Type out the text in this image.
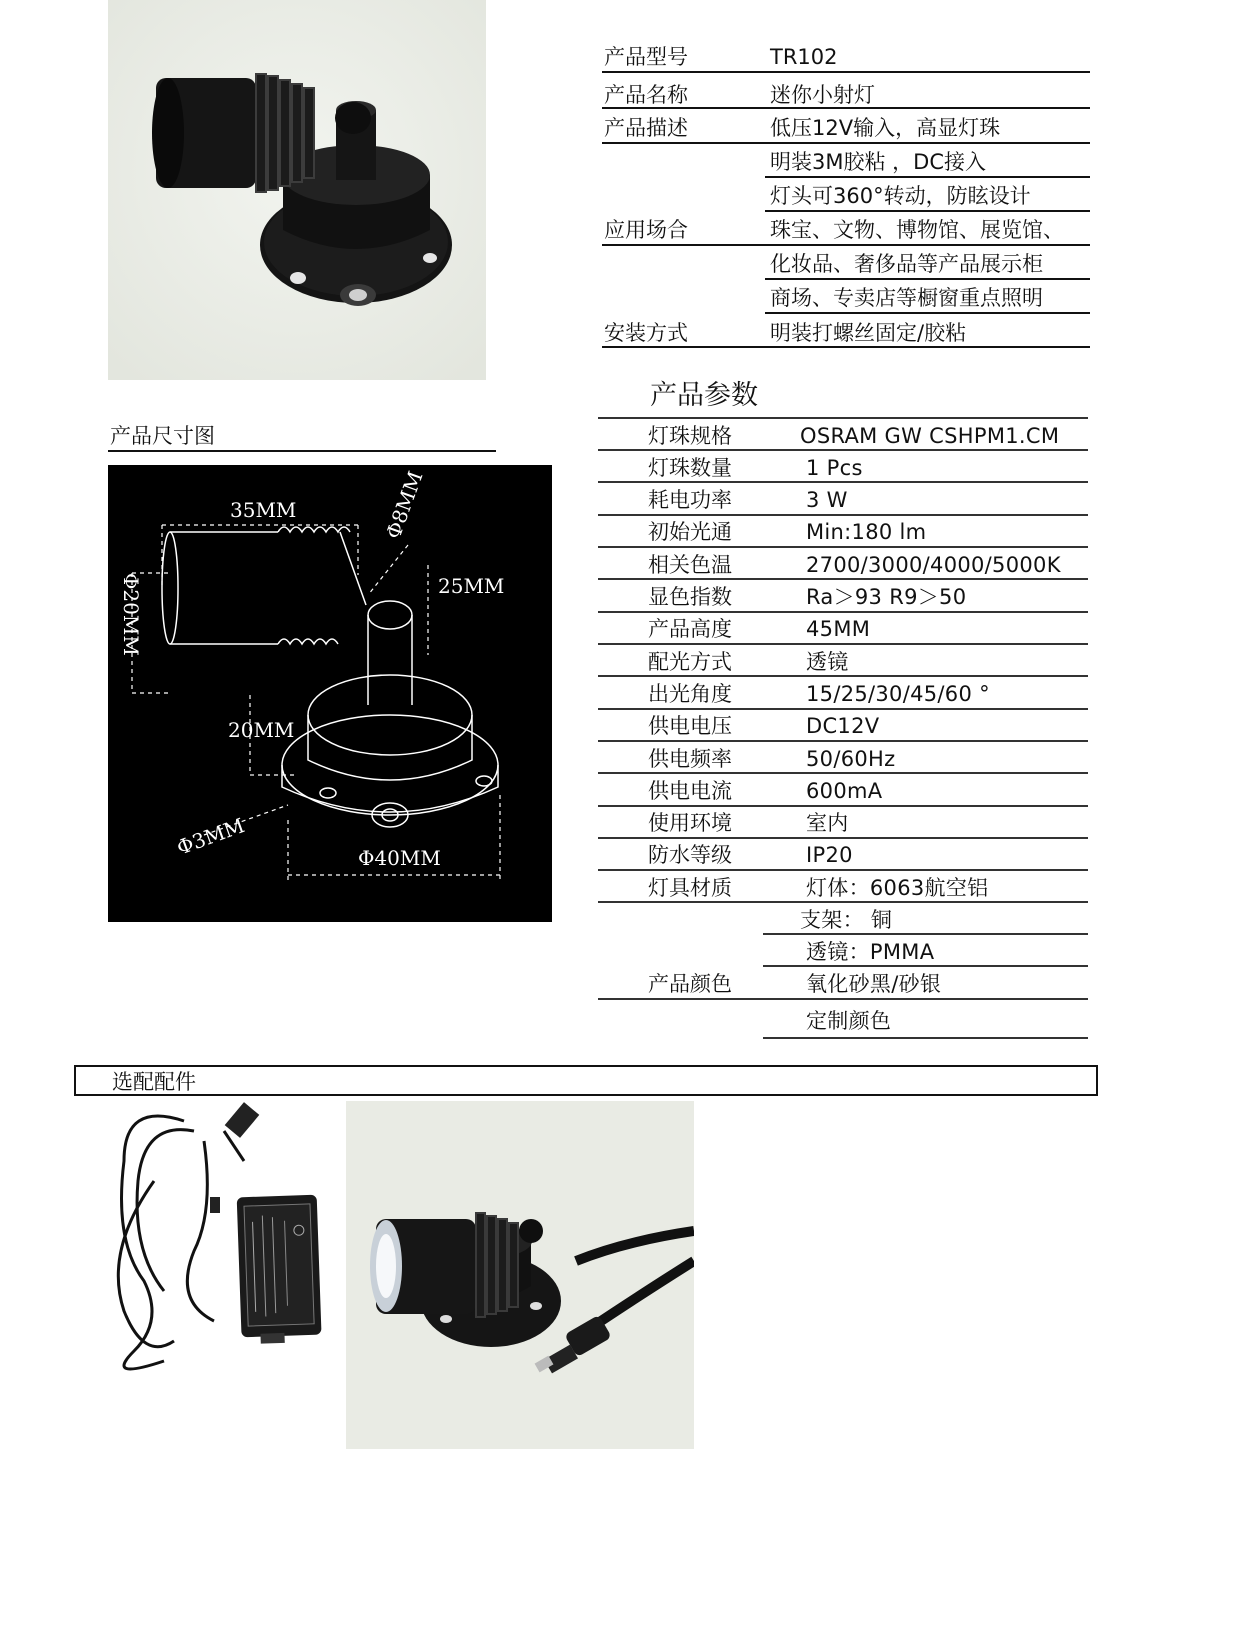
产品型号	TR102
产品名称	迷你小射灯
产品描述	低压12V输入，高显灯珠
明装3M胶粘 ，DC接入
灯头可360°转动，防眩设计
应用场合	珠宝、文物、博物馆、展览馆、
化妆品、奢侈品等产品展示柜
商场、专卖店等橱窗重点照明
安装方式	明装打螺丝固定/胶粘
产品尺寸图
35MM	Φ8MM
25MM
Φ20MM
20MM
Φ3MM	Φ40MM
产品参数
灯珠规格	OSRAM GW CSHPM1.CM
灯珠数量	1 Pcs
耗电功率	3 W
初始光通	Min:180 lm
相关色温	2700/3000/4000/5000K
显色指数	Ra＞93 R9＞50
产品高度	45MM
配光方式	透镜
出光角度	15/25/30/45/60 °
供电电压	DC12V
供电频率	50/60Hz
供电电流	600mA
使用环境	室内
防水等级	IP20
灯具材质	灯体：6063航空铝
支架： 铜
透镜：PMMA
产品颜色	氧化砂黑/砂银
定制颜色
选配配件
